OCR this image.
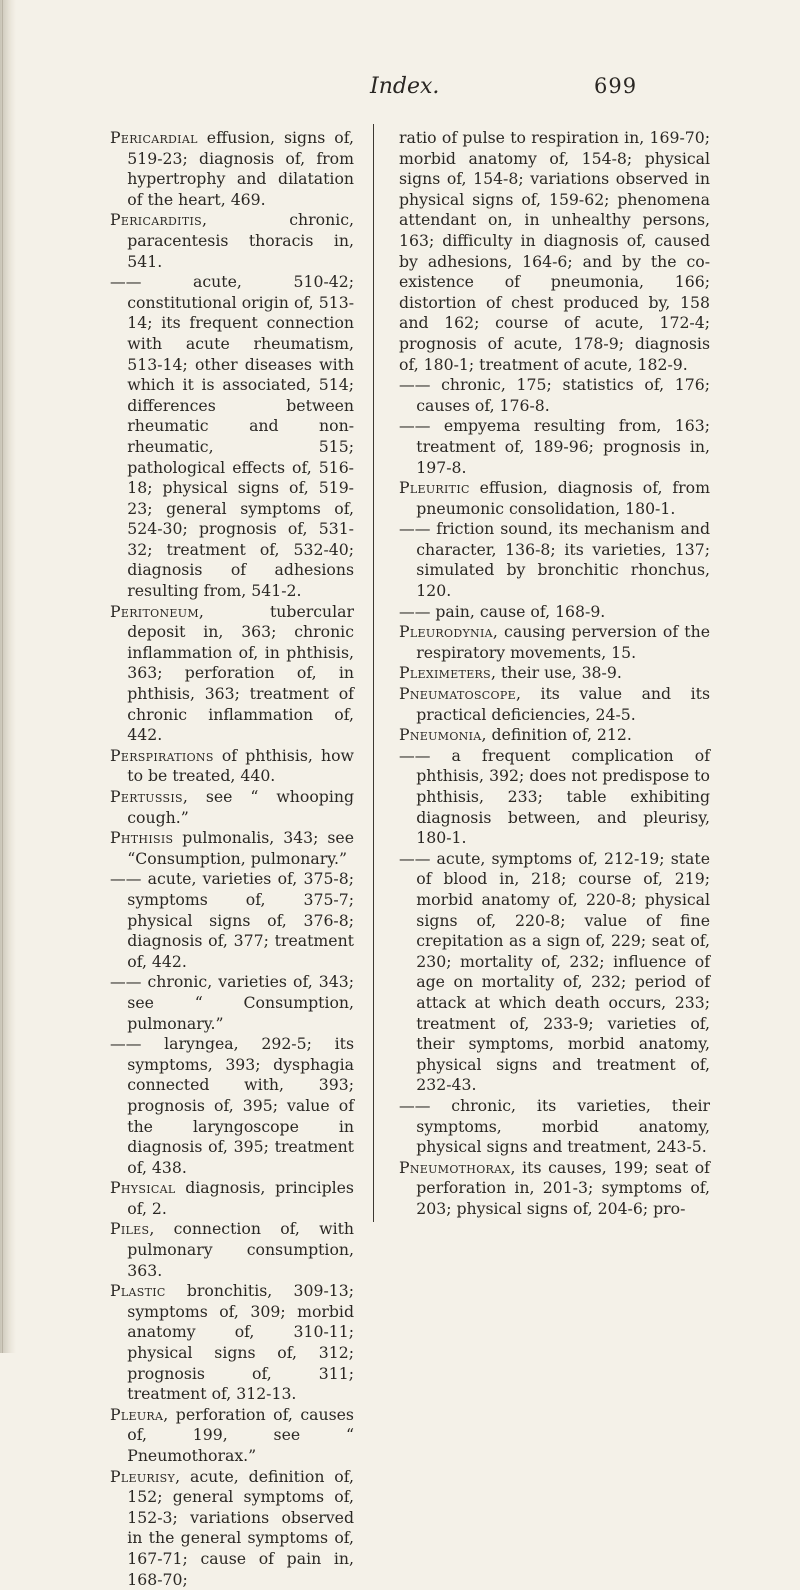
Index.	699

Pericardial effusion, signs of, 519-23; diagnosis of, from hypertrophy and dilatation of the heart, 469.

Pericarditis, chronic, paracentesis thoracis in, 541.

—— acute, 510-42; constitutional origin of, 513-14; its frequent connection with acute rheumatism, 513-14; other diseases with which it is associated, 514; differences between rheumatic and non-rheumatic, 515; pathological effects of, 516-18; physical signs of, 519-23; general symptoms of, 524-30; prognosis of, 531-32; treatment of, 532-40; diagnosis of adhesions resulting from, 541-2.

Peritoneum, tubercular deposit in, 363; chronic inflammation of, in phthisis, 363; perforation of, in phthisis, 363; treatment of chronic inflammation of, 442.

Perspirations of phthisis, how to be treated, 440.

Pertussis, see “ whooping cough.”

Phthisis pulmonalis, 343; see “Consumption, pulmonary.”

—— acute, varieties of, 375-8; symptoms of, 375-7; physical signs of, 376-8; diagnosis of, 377; treatment of, 442.

—— chronic, varieties of, 343; see “ Consumption, pulmonary.”

—— laryngea, 292-5; its symptoms, 393; dysphagia connected with, 393; prognosis of, 395; value of the laryngoscope in diagnosis of, 395; treatment of, 438.

Physical diagnosis, principles of, 2.

Piles, connection of, with pulmonary consumption, 363.

Plastic bronchitis, 309-13; symptoms of, 309; morbid anatomy of, 310-11; physical signs of, 312; prognosis of, 311; treatment of, 312-13.

Pleura, perforation of, causes of, 199, see “ Pneumothorax.”

Pleurisy, acute, definition of, 152; general symptoms of, 152-3; variations observed in the general symptoms of, 167-71; cause of pain in, 168-70;

ratio of pulse to respiration in, 169-70; morbid anatomy of, 154-8; physical signs of, 154-8; variations observed in physical signs of, 159-62; phenomena attendant on, in unhealthy persons, 163; difficulty in diagnosis of, caused by adhesions, 164-6; and by the co-existence of pneumonia, 166; distortion of chest produced by, 158 and 162; course of acute, 172-4; prognosis of acute, 178-9; diagnosis of, 180-1; treatment of acute, 182-9.

—— chronic, 175; statistics of, 176; causes of, 176-8.

—— empyema resulting from, 163; treatment of, 189-96; prognosis in, 197-8.

Pleuritic effusion, diagnosis of, from pneumonic consolidation, 180-1.

—— friction sound, its mechanism and character, 136-8; its varieties, 137; simulated by bronchitic rhonchus, 120.

—— pain, cause of, 168-9.

Pleurodynia, causing perversion of the respiratory movements, 15.

Pleximeters, their use, 38-9.

Pneumatoscope, its value and its practical deficiencies, 24-5.

Pneumonia, definition of, 212.

—— a frequent complication of phthisis, 392; does not predispose to phthisis, 233; table exhibiting diagnosis between, and pleurisy, 180-1.

—— acute, symptoms of, 212-19; state of blood in, 218; course of, 219; morbid anatomy of, 220-8; physical signs of, 220-8; value of fine crepitation as a sign of, 229; seat of, 230; mortality of, 232; influence of age on mortality of, 232; period of attack at which death occurs, 233; treatment of, 233-9; varieties of, their symptoms, morbid anatomy, physical signs and treatment of, 232-43.

—— chronic, its varieties, their symptoms, morbid anatomy, physical signs and treatment, 243-5.

Pneumothorax, its causes, 199; seat of perforation in, 201-3; symptoms of, 203; physical signs of, 204-6; pro-
